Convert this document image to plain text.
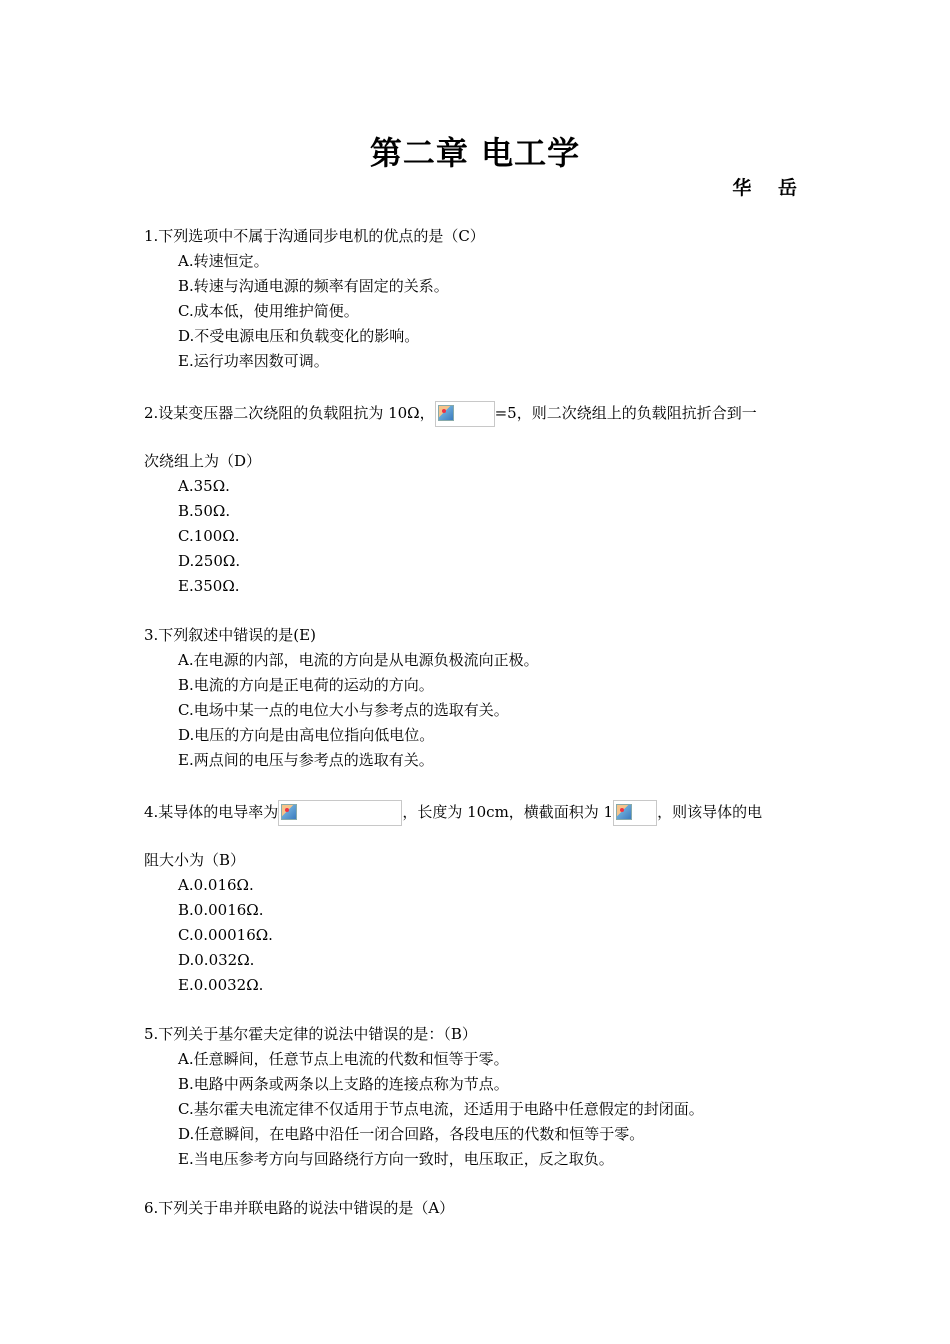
第二章 电工学
华 岳
1.下列选项中不属于沟通同步电机的优点的是（C）
A.转速恒定。
B.转速与沟通电源的频率有固定的关系。
C.成本低，使用维护简便。
D.不受电源电压和负载变化的影响。
E.运行功率因数可调。
2.设某变压器二次绕阻的负载阻抗为 10Ω，	=5，则二次绕组上的负载阻抗折合到一
次绕组上为（D）
A.35Ω.
B.50Ω.
C.100Ω.
D.250Ω.
E.350Ω.
3.下列叙述中错误的是(E)
A.在电源的内部，电流的方向是从电源负极流向正极。
B.电流的方向是正电荷的运动的方向。
C.电场中某一点的电位大小与参考点的选取有关。
D.电压的方向是由高电位指向低电位。
E.两点间的电压与参考点的选取有关。
4.某导体的电导率为	，长度为 10cm，横截面积为 1	，则该导体的电
阻大小为（B）
A.0.016Ω.
B.0.0016Ω.
C.0.00016Ω.
D.0.032Ω.
E.0.0032Ω.
5.下列关于基尔霍夫定律的说法中错误的是：（B）
A.任意瞬间，任意节点上电流的代数和恒等于零。
B.电路中两条或两条以上支路的连接点称为节点。
C.基尔霍夫电流定律不仅适用于节点电流，还适用于电路中任意假定的封闭面。
D.任意瞬间，在电路中沿任一闭合回路，各段电压的代数和恒等于零。
E.当电压参考方向与回路绕行方向一致时，电压取正，反之取负。
6.下列关于串并联电路的说法中错误的是（A）
